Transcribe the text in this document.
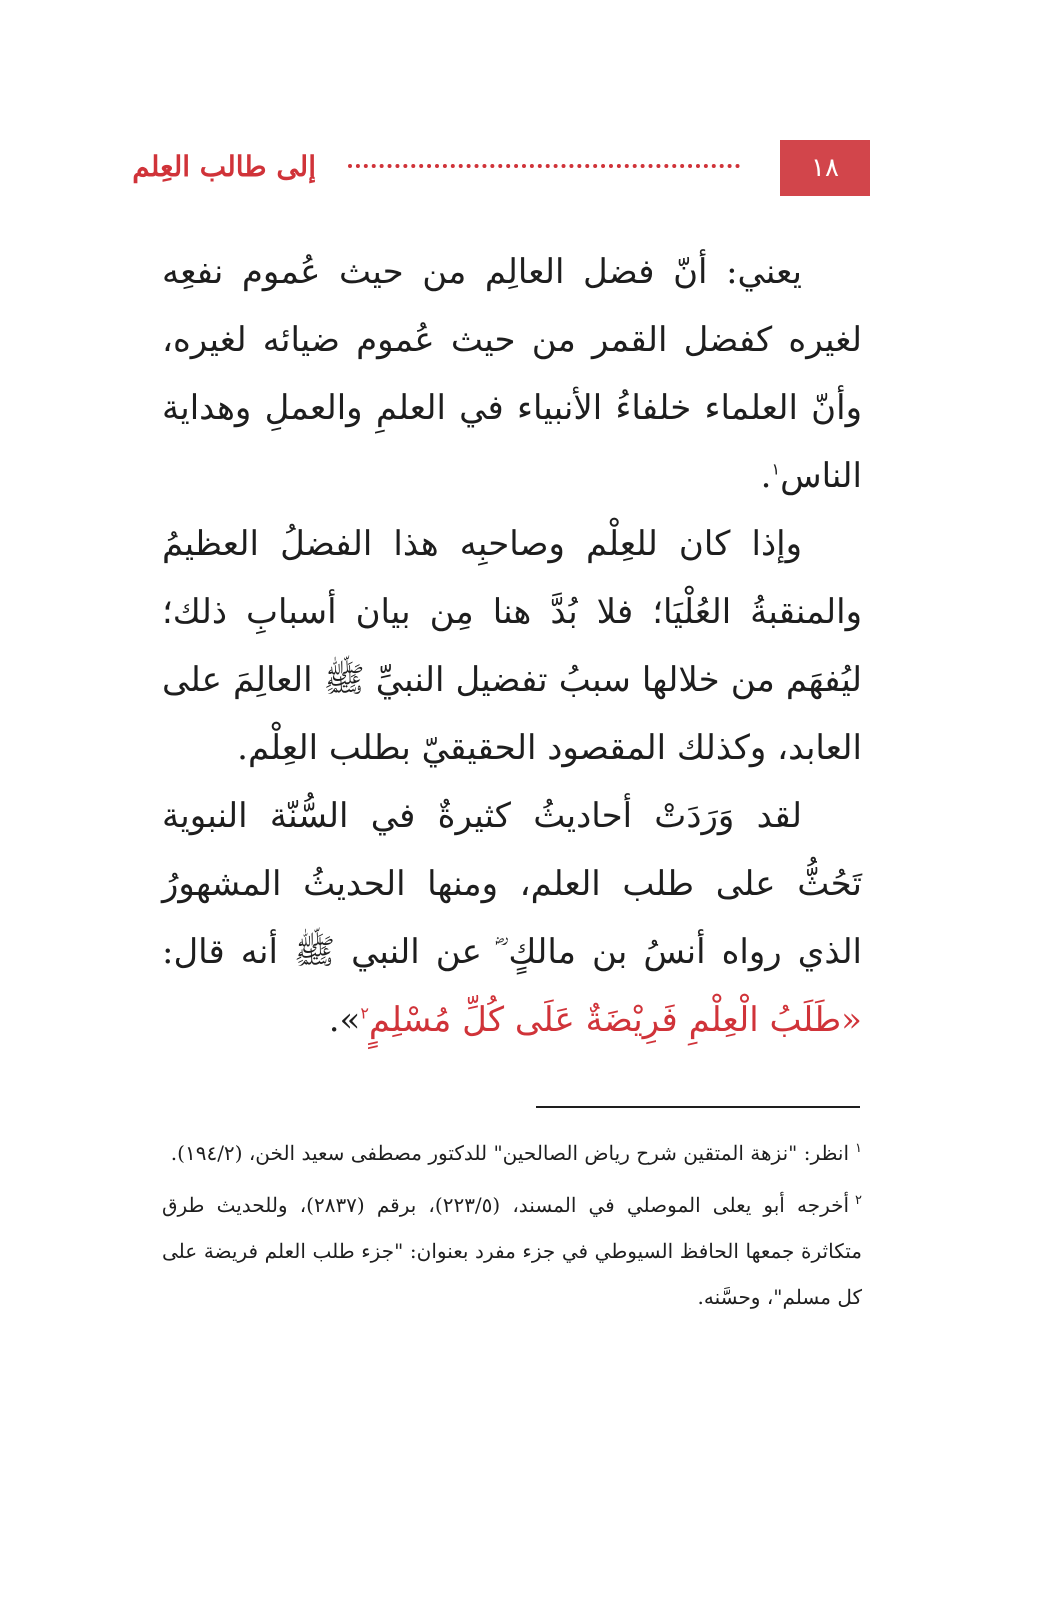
١٨
إلى طالب العِلم

يعني: أنّ فضل العالِم من حيث عُموم نفعِه لغيره كفضل القمر من حيث عُموم ضيائه لغيره، وأنّ العلماء خلفاءُ الأنبياء في العلمِ والعملِ وهداية الناس$^١$.

وإذا كان للعِلْم وصاحبِه هذا الفضلُ العظيمُ والمنقبةُ العُلْيَا؛ فلا بُدَّ هنا مِن بيان أسبابِ ذلك؛ ليُفهَم من خلالها سببُ تفضيل النبيِّ ﷺ العالِمَ على العابد، وكذلك المقصود الحقيقيّ بطلب العِلْم.

لقد وَرَدَتْ أحاديثُ كثيرةٌ في السُّنّة النبوية تَحُثُّ على طلب العلم، ومنها الحديثُ المشهورُ الذي رواه أنسُ بن مالكٍ ؓ عن النبي ﷺ أنه قال: «طَلَبُ الْعِلْمِ فَرِيْضَةٌ عَلَى كُلِّ مُسْلِمٍ$^٢$».

$^١$انظر: "نزهة المتقين شرح رياض الصالحين" للدكتور مصطفى سعيد الخن، (١٩٤/٢).

$^٢$أخرجه أبو يعلى الموصلي في المسند، (٢٢٣/٥)، برقم (٢٨٣٧)، وللحديث طرق متكاثرة جمعها الحافظ السيوطي في جزء مفرد بعنوان: "جزء طلب العلم فريضة على كل مسلم"، وحسَّنه.
